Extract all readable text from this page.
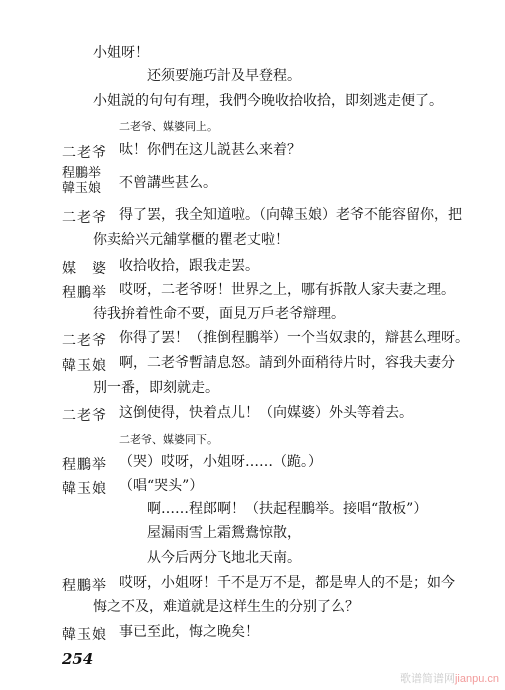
小姐呀！
还须要施巧計及早登程。
小姐説的句句有理，我們今晚收拾收拾，即刻逃走便了。
二老爷、媒婆同上。
二老爷 呔！你們在这儿説甚么来着？
程鵬举
韓玉娘 不曾講些甚么。
二老爷 得了罢，我全知道啦。（向韓玉娘）老爷不能容留你，把
你卖給兴元舖掌櫃的瞿老丈啦！
媒　婆 收拾收拾，跟我走罢。
程鵬举 哎呀，二老爷呀！世界之上，哪有拆散人家夫妻之理。
待我拚着性命不要，面見万戶老爷辯理。
二老爷 你得了罢！（推倒程鵬举）一个当奴隶的，辯甚么理呀。
韓玉娘 啊，二老爷暫請息怒。請到外面稍待片时，容我夫妻分
別一番，即刻就走。
二老爷 这倒使得，快着点儿！（向媒婆）外头等着去。
二老爷、媒婆同下。
程鵬举 （哭）哎呀，小姐呀……（跪。）
韓玉娘 （唱“哭头”）
啊……程郎啊！（扶起程鵬举。接唱“散板”）
屋漏雨雪上霜鴛鴦惊散，
从今后两分飞地北天南。
程鵬举 哎呀，小姐呀！千不是万不是，都是卑人的不是；如今
悔之不及，难道就是这样生生的分别了么？
韓玉娘 事已至此，悔之晚矣！
254
歌谱简谱网jianpu.cn
